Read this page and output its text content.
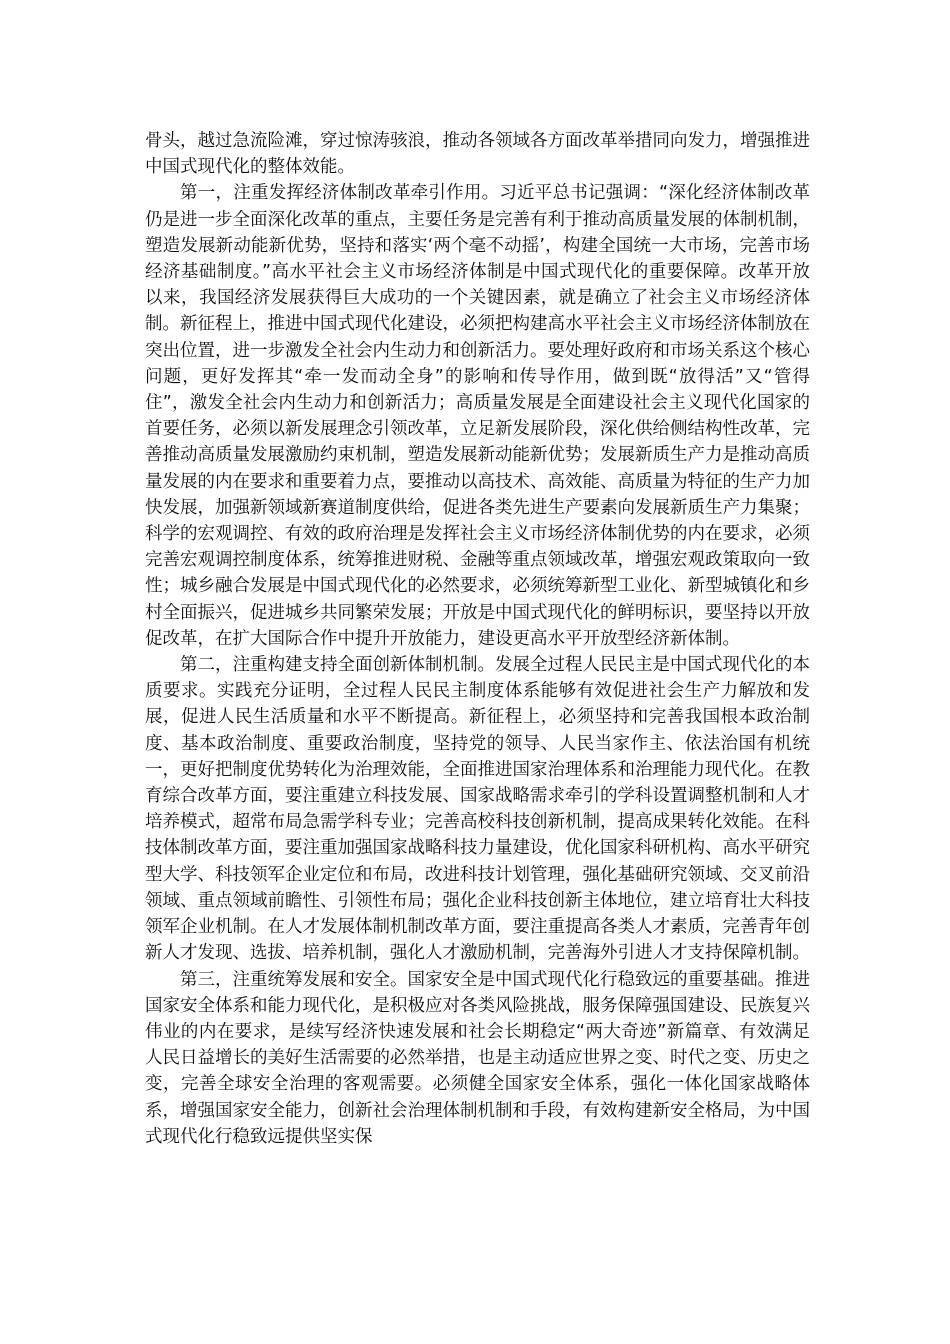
骨头，越过急流险滩，穿过惊涛骇浪，推动各领域各方面改革举措同向发力，增强推进中国式现代化的整体效能。

第一，注重发挥经济体制改革牵引作用。习近平总书记强调：“深化经济体制改革仍是进一步全面深化改革的重点，主要任务是完善有利于推动高质量发展的体制机制，塑造发展新动能新优势，坚持和落实‘两个毫不动摇’，构建全国统一大市场，完善市场经济基础制度。”高水平社会主义市场经济体制是中国式现代化的重要保障。改革开放以来，我国经济发展获得巨大成功的一个关键因素，就是确立了社会主义市场经济体制。新征程上，推进中国式现代化建设，必须把构建高水平社会主义市场经济体制放在突出位置，进一步激发全社会内生动力和创新活力。要处理好政府和市场关系这个核心问题，更好发挥其“牵一发而动全身”的影响和传导作用，做到既“放得活”又“管得住”，激发全社会内生动力和创新活力；高质量发展是全面建设社会主义现代化国家的首要任务，必须以新发展理念引领改革，立足新发展阶段，深化供给侧结构性改革，完善推动高质量发展激励约束机制，塑造发展新动能新优势；发展新质生产力是推动高质量发展的内在要求和重要着力点，要推动以高技术、高效能、高质量为特征的生产力加快发展，加强新领域新赛道制度供给，促进各类先进生产要素向发展新质生产力集聚；科学的宏观调控、有效的政府治理是发挥社会主义市场经济体制优势的内在要求，必须完善宏观调控制度体系，统筹推进财税、金融等重点领域改革，增强宏观政策取向一致性；城乡融合发展是中国式现代化的必然要求，必须统筹新型工业化、新型城镇化和乡村全面振兴，促进城乡共同繁荣发展；开放是中国式现代化的鲜明标识，要坚持以开放促改革，在扩大国际合作中提升开放能力，建设更高水平开放型经济新体制。

第二，注重构建支持全面创新体制机制。发展全过程人民民主是中国式现代化的本质要求。实践充分证明，全过程人民民主制度体系能够有效促进社会生产力解放和发展，促进人民生活质量和水平不断提高。新征程上，必须坚持和完善我国根本政治制度、基本政治制度、重要政治制度，坚持党的领导、人民当家作主、依法治国有机统一，更好把制度优势转化为治理效能，全面推进国家治理体系和治理能力现代化。在教育综合改革方面，要注重建立科技发展、国家战略需求牵引的学科设置调整机制和人才培养模式，超常布局急需学科专业；完善高校科技创新机制，提高成果转化效能。在科技体制改革方面，要注重加强国家战略科技力量建设，优化国家科研机构、高水平研究型大学、科技领军企业定位和布局，改进科技计划管理，强化基础研究领域、交叉前沿领域、重点领域前瞻性、引领性布局；强化企业科技创新主体地位，建立培育壮大科技领军企业机制。在人才发展体制机制改革方面，要注重提高各类人才素质，完善青年创新人才发现、选拔、培养机制，强化人才激励机制，完善海外引进人才支持保障机制。

第三，注重统筹发展和安全。国家安全是中国式现代化行稳致远的重要基础。推进国家安全体系和能力现代化，是积极应对各类风险挑战，服务保障强国建设、民族复兴伟业的内在要求，是续写经济快速发展和社会长期稳定“两大奇迹”新篇章、有效满足人民日益增长的美好生活需要的必然举措，也是主动适应世界之变、时代之变、历史之变，完善全球安全治理的客观需要。必须健全国家安全体系，强化一体化国家战略体系，增强国家安全能力，创新社会治理体制机制和手段，有效构建新安全格局，为中国式现代化行稳致远提供坚实保
